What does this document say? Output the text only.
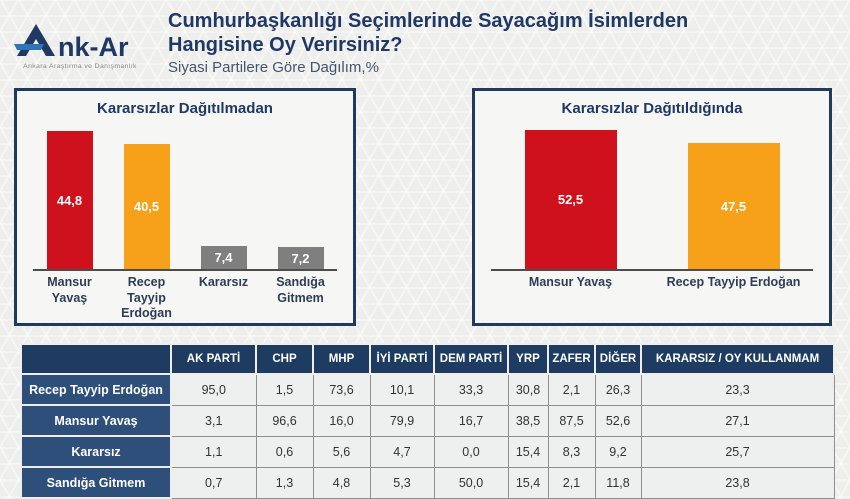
nk-Ar
Ankara Araştırma ve Danışmanlık
Cumhurbaşkanlığı Seçimlerinde Sayacağım İsimlerden
Hangisine Oy Verirsiniz?
Siyasi Partilere Göre Dağılım,%
Kararsızlar Dağıtılmadan
44,8	40,5
7,4	7,2
Mansur Yavaş
Recep Tayyip Erdoğan
Kararsız	Sandığa Gitmem
Kararsızlar Dağıtıldığında
52,5	47,5
Mansur Yavaş	Recep Tayyip Erdoğan
	AK PARTİ	CHP	MHP	İYİ PARTİ	DEM PARTİ	YRP	ZAFER	DİĞER	KARARSIZ / OY KULLANMAM
Recep Tayyip Erdoğan	95,0	1,5	73,6	10,1	33,3	30,8	2,1	26,3	23,3
Mansur Yavaş	3,1	96,6	16,0	79,9	16,7	38,5	87,5	52,6	27,1
Kararsız	1,1	0,6	5,6	4,7	0,0	15,4	8,3	9,2	25,7
Sandığa Gitmem	0,7	1,3	4,8	5,3	50,0	15,4	2,1	11,8	23,8
